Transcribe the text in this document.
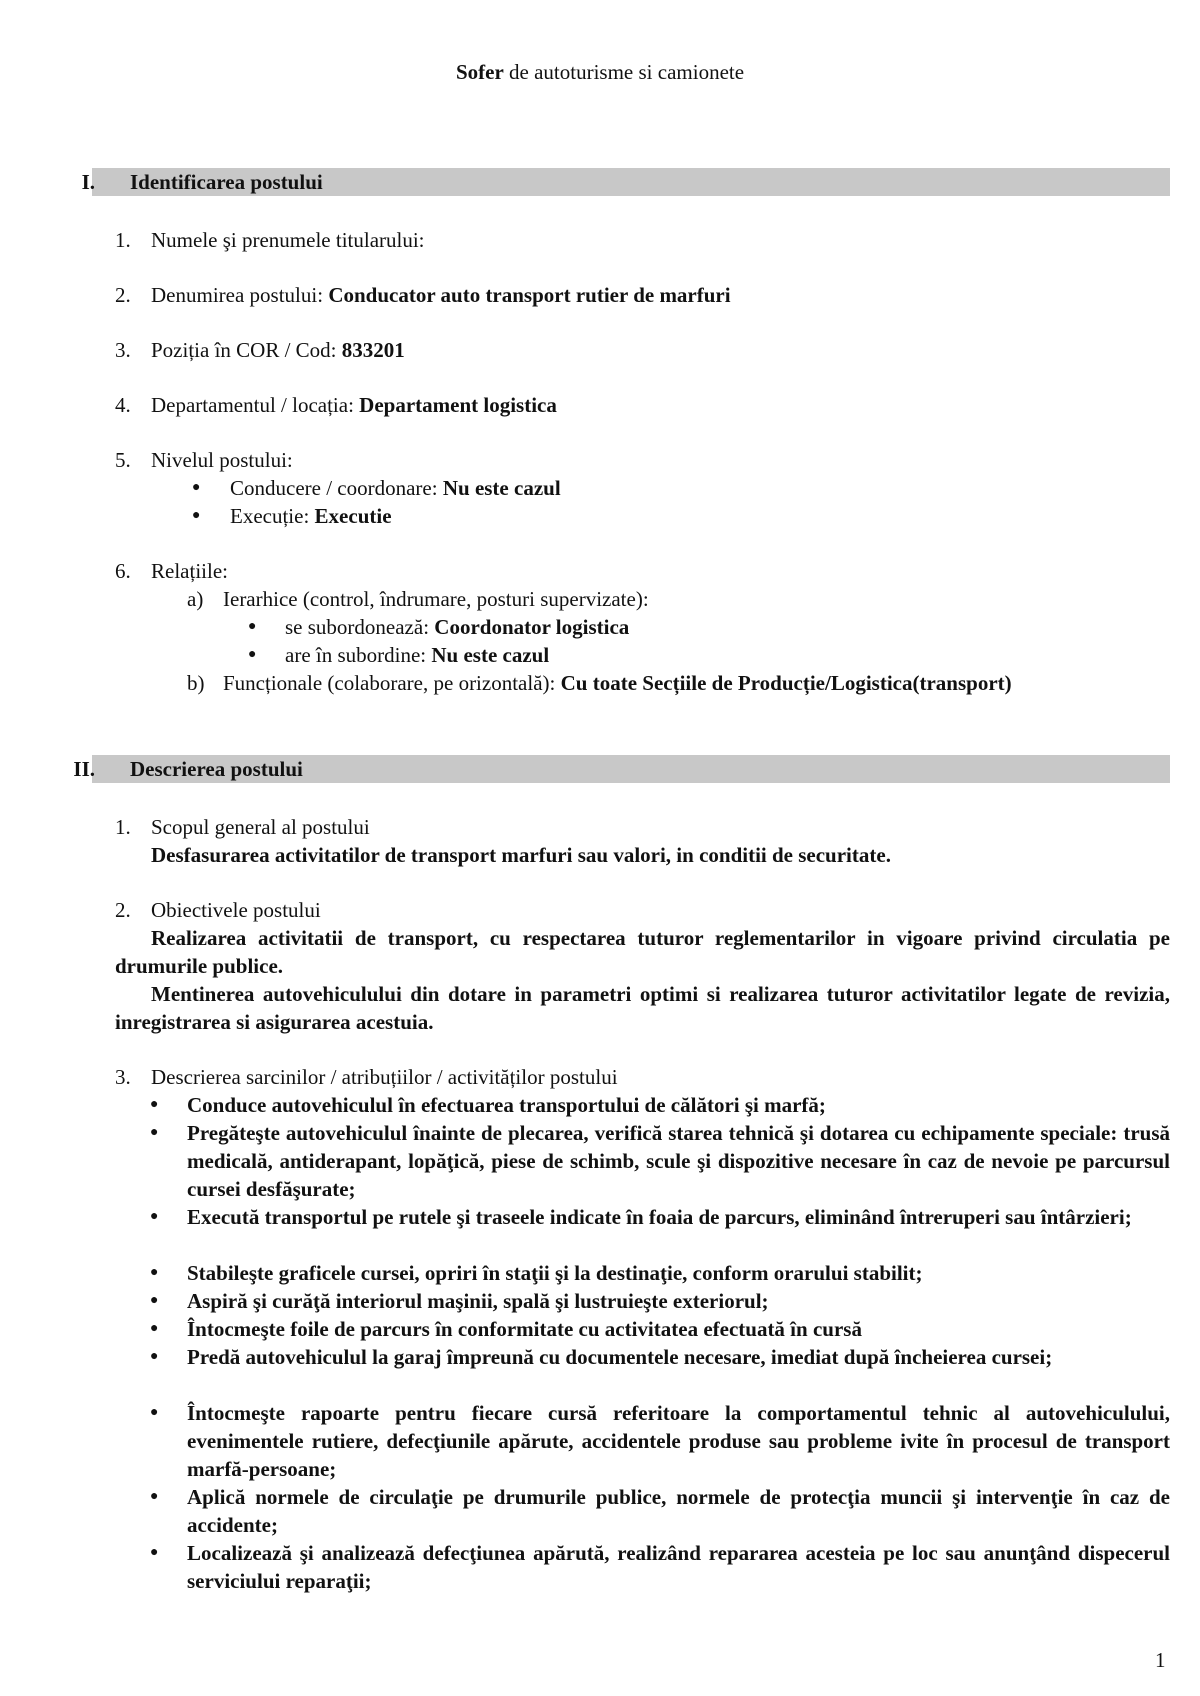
Sofer de autoturisme si camionete
I. Identificarea postului
1. Numele şi prenumele titularului:
2. Denumirea postului: Conducator auto transport rutier de marfuri
3. Poziția în COR / Cod: 833201
4. Departamentul / locația: Departament logistica
5. Nivelul postului:
● Conducere / coordonare: Nu este cazul
● Execuție: Executie
6. Relațiile:
a) Ierarhice (control, îndrumare, posturi supervizate):
● se subordonează: Coordonator logistica
● are în subordine: Nu este cazul
b) Funcționale (colaborare, pe orizontală): Cu toate Secțiile de Producție/Logistica(transport)
II. Descrierea postului
1. Scopul general al postului
Desfasurarea activitatilor de transport marfuri sau valori, in conditii de securitate.
2. Obiectivele postului
Realizarea activitatii de transport, cu respectarea tuturor reglementarilor in vigoare privind circulatia pe drumurile publice.
Mentinerea autovehiculului din dotare in parametri optimi si realizarea tuturor activitatilor legate de revizia, inregistrarea si asigurarea acestuia.
3. Descrierea sarcinilor / atribuțiilor / activităților postului
● Conduce autovehiculul în efectuarea transportului de călători şi marfă;
● Pregăteşte autovehiculul înainte de plecarea, verifică starea tehnică şi dotarea cu echipamente speciale: trusă medicală, antiderapant, lopăţică, piese de schimb, scule şi dispozitive necesare în caz de nevoie pe parcursul cursei desfăşurate;
● Execută transportul pe rutele şi traseele indicate în foaia de parcurs, eliminând întreruperi sau întârzieri;
● Stabileşte graficele cursei, opriri în staţii şi la destinaţie, conform orarului stabilit;
● Aspiră şi curăţă interiorul maşinii, spală şi lustruieşte exteriorul;
● Întocmeşte foile de parcurs în conformitate cu activitatea efectuată în cursă
● Predă autovehiculul la garaj împreună cu documentele necesare, imediat după încheierea cursei;
● Întocmeşte rapoarte pentru fiecare cursă referitoare la comportamentul tehnic al autovehiculului, evenimentele rutiere, defecţiunile apărute, accidentele produse sau probleme ivite în procesul de transport marfă-persoane;
● Aplică normele de circulaţie pe drumurile publice, normele de protecţia muncii şi intervenţie în caz de accidente;
● Localizează şi analizează defecţiunea apărută, realizând repararea acesteia pe loc sau anunţând dispecerul serviciului reparaţii;
1
